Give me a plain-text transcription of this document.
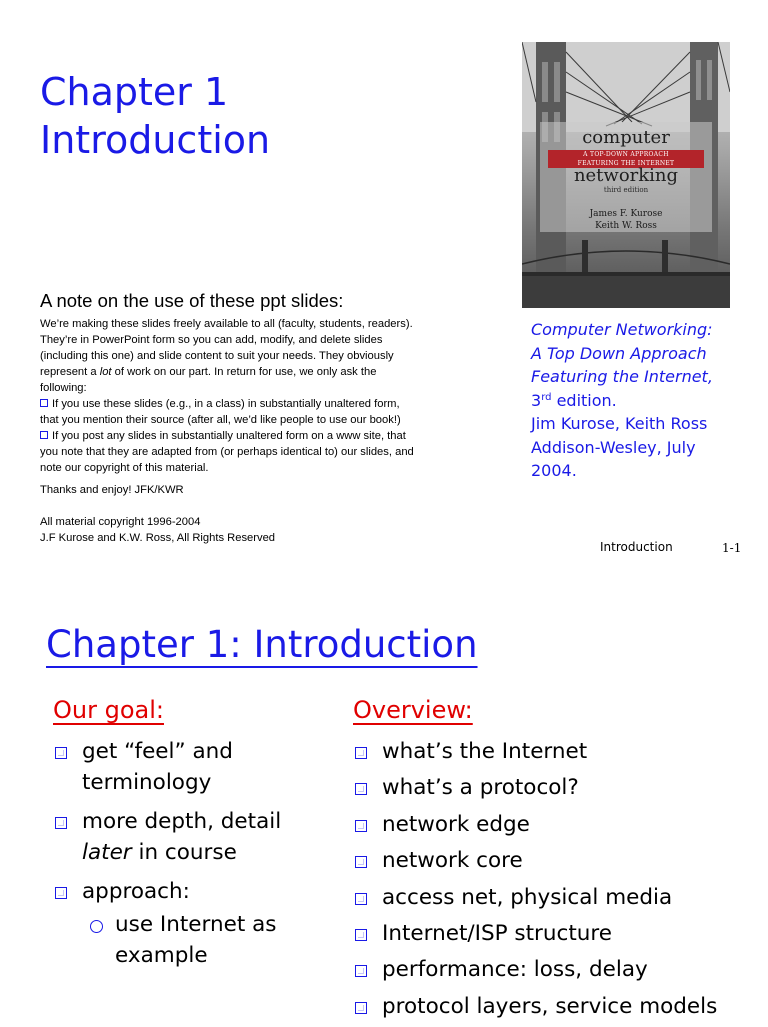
Chapter 1
Introduction	computer
A TOP-DOWN APPROACH
FEATURING THE INTERNET
networking
third edition
James F. Kurose
Keith W. Ross
Computer Networking:
A Top Down Approach
Featuring the Internet,
3rd edition.
Jim Kurose, Keith Ross
Addison-Wesley, July
2004.
A note on the use of these ppt slides:

We’re making these slides freely available to all (faculty, students, readers).

They’re in PowerPoint form so you can add, modify, and delete slides

(including this one) and slide content to suit your needs. They obviously

represent a lot of work on our part. In return for use, we only ask the

following:

If you use these slides (e.g., in a class) in substantially unaltered form,

that you mention their source (after all, we’d like people to use our book!)

If you post any slides in substantially unaltered form on a www site, that

you note that they are adapted from (or perhaps identical to) our slides, and

note our copyright of this material.

Thanks and enjoy! JFK/KWR
All material copyright 1996-2004
J.F Kurose and K.W. Ross, All Rights Reserved
Introduction	1-1
Chapter 1: Introduction
Our goal:
get “feel” and
terminology
more depth, detail
later in course
approach:
use Internet as
example
Overview:
what’s the Internet
what’s a protocol?
network edge
network core
access net, physical media
Internet/ISP structure
performance: loss, delay
protocol layers, service models
